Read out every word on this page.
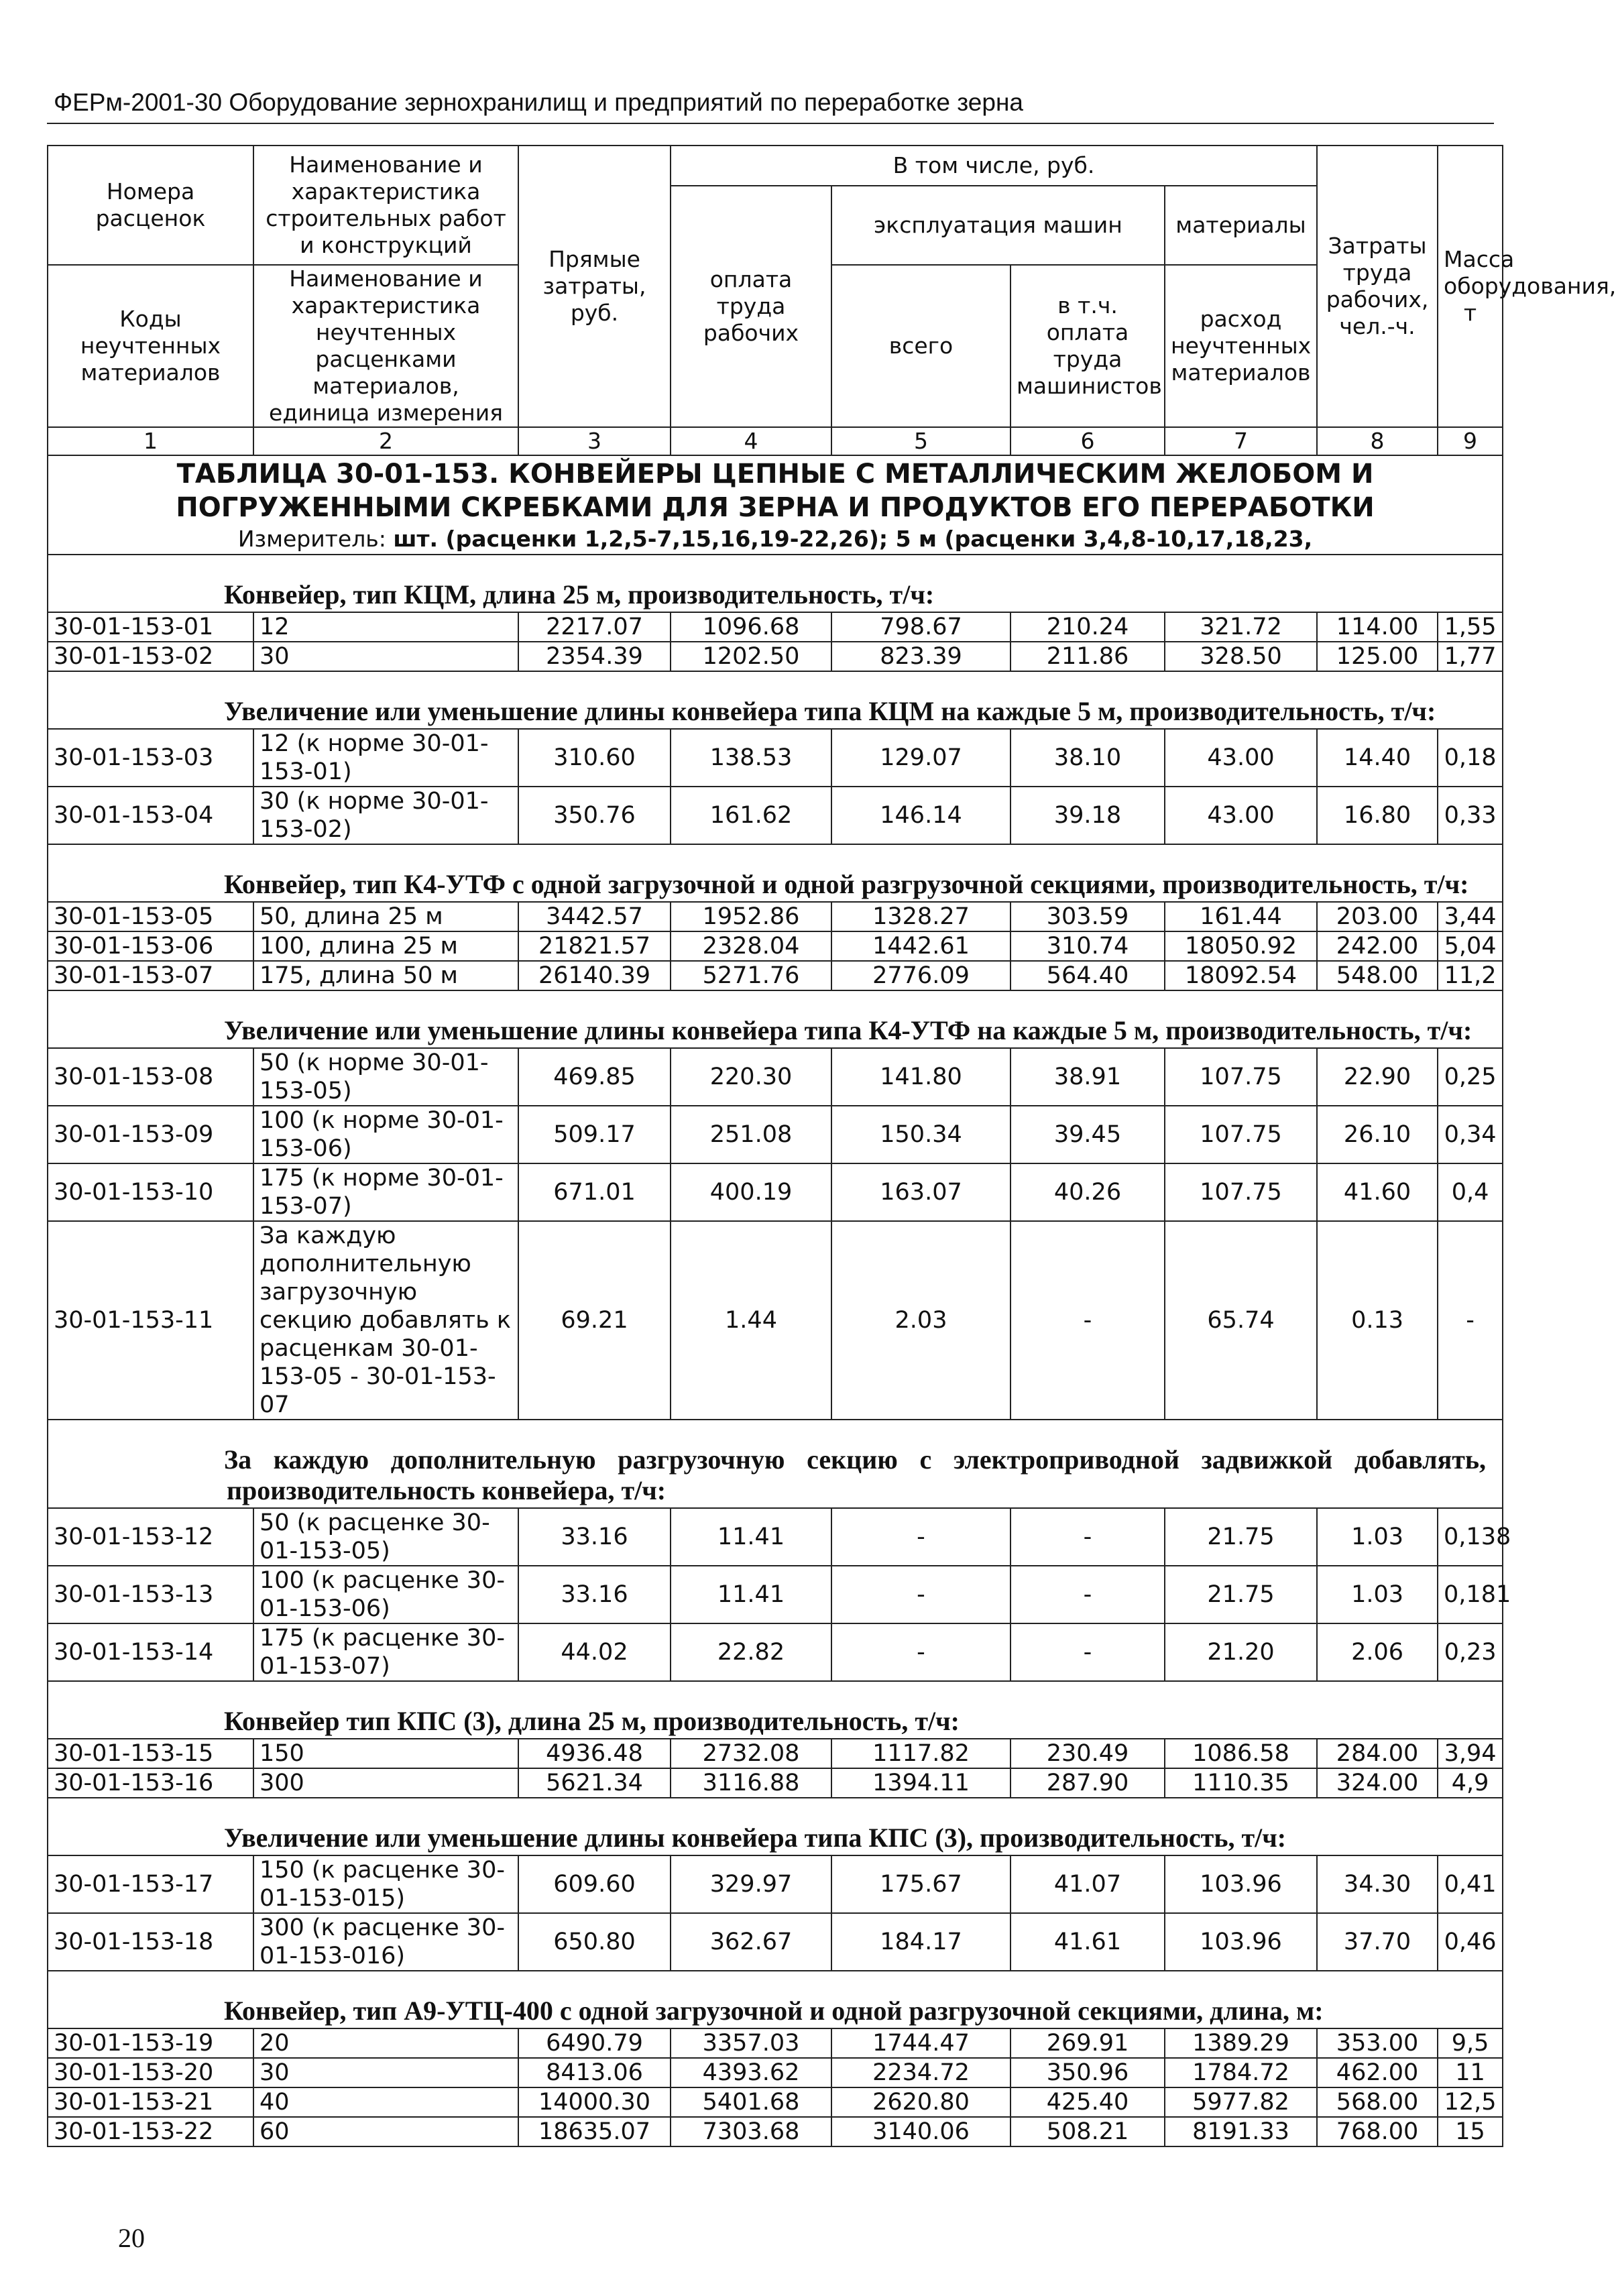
ФЕРм-2001-30 Оборудование зернохранилищ и предприятий по переработке зерна
Номера расценок	Наименование и характеристика строительных работ и конструкций	Прямые затраты, руб.	В том числе, руб.				Затраты труда рабочих, чел.-ч.	Масса оборудования, т
			оплата труда рабочих	эксплуатация машин		материалы		
Коды неучтенных материалов	Наименование и характеристика неучтенных расценками материалов, единица измерения			всего	в т.ч. оплата труда машинистов	расход неучтенных материалов		

1	2	3	4	5	6	7	8	9

ТАБЛИЦА 30-01-153. КОНВЕЙЕРЫ ЦЕПНЫЕ С МЕТАЛЛИЧЕСКИМ ЖЕЛОБОМ И ПОГРУЖЕННЫМИ СКРЕБКАМИ ДЛЯ ЗЕРНА И ПРОДУКТОВ ЕГО ПЕРЕРАБОТКИ
Измеритель: шт. (расценки 1,2,5-7,15,16,19-22,26); 5 м (расценки 3,4,8-10,17,18,23,								

Конвейер, тип КЦМ, длина 25 м, производительность, т/ч:								
30-01-153-01	12	2217.07	1096.68	798.67	210.24	321.72	114.00	1,55
30-01-153-02	30	2354.39	1202.50	823.39	211.86	328.50	125.00	1,77
Увеличение или уменьшение длины конвейера типа КЦМ на каждые 5 м, производительность, т/ч:								
30-01-153-03	12 (к норме 30-01-153-01)	310.60	138.53	129.07	38.10	43.00	14.40	0,18
30-01-153-04	30 (к норме 30-01-153-02)	350.76	161.62	146.14	39.18	43.00	16.80	0,33
Конвейер, тип К4-УТФ с одной загрузочной и одной разгрузочной секциями, производительность, т/ч:								
30-01-153-05	50, длина 25 м	3442.57	1952.86	1328.27	303.59	161.44	203.00	3,44
30-01-153-06	100, длина 25 м	21821.57	2328.04	1442.61	310.74	18050.92	242.00	5,04
30-01-153-07	175, длина 50 м	26140.39	5271.76	2776.09	564.40	18092.54	548.00	11,2
Увеличение или уменьшение длины конвейера типа К4-УТФ на каждые 5 м, производительность, т/ч:								
30-01-153-08	50 (к норме 30-01-153-05)	469.85	220.30	141.80	38.91	107.75	22.90	0,25
30-01-153-09	100 (к норме 30-01-153-06)	509.17	251.08	150.34	39.45	107.75	26.10	0,34
30-01-153-10	175 (к норме 30-01-153-07)	671.01	400.19	163.07	40.26	107.75	41.60	0,4
30-01-153-11	За каждую дополнительную загрузочную секцию добавлять к расценкам 30-01-153-05 - 30-01-153-07	69.21	1.44	2.03	-	65.74	0.13	-
За каждую дополнительную разгрузочную секцию с электроприводной задвижкой добавлять, производительность конвейера, т/ч:								
30-01-153-12	50 (к расценке 30-01-153-05)	33.16	11.41	-	-	21.75	1.03	0,138
30-01-153-13	100 (к расценке 30-01-153-06)	33.16	11.41	-	-	21.75	1.03	0,181
30-01-153-14	175 (к расценке 30-01-153-07)	44.02	22.82	-	-	21.20	2.06	0,23
Конвейер тип КПС (3), длина 25 м, производительность, т/ч:								
30-01-153-15	150	4936.48	2732.08	1117.82	230.49	1086.58	284.00	3,94
30-01-153-16	300	5621.34	3116.88	1394.11	287.90	1110.35	324.00	4,9
Увеличение или уменьшение длины конвейера типа КПС (3), производительность, т/ч:								
30-01-153-17	150 (к расценке 30-01-153-015)	609.60	329.97	175.67	41.07	103.96	34.30	0,41
30-01-153-18	300 (к расценке 30-01-153-016)	650.80	362.67	184.17	41.61	103.96	37.70	0,46
Конвейер, тип А9-УТЦ-400 с одной загрузочной и одной разгрузочной секциями, длина, м:								
30-01-153-19	20	6490.79	3357.03	1744.47	269.91	1389.29	353.00	9,5
30-01-153-20	30	8413.06	4393.62	2234.72	350.96	1784.72	462.00	11
30-01-153-21	40	14000.30	5401.68	2620.80	425.40	5977.82	568.00	12,5
30-01-153-22	60	18635.07	7303.68	3140.06	508.21	8191.33	768.00	15
20
